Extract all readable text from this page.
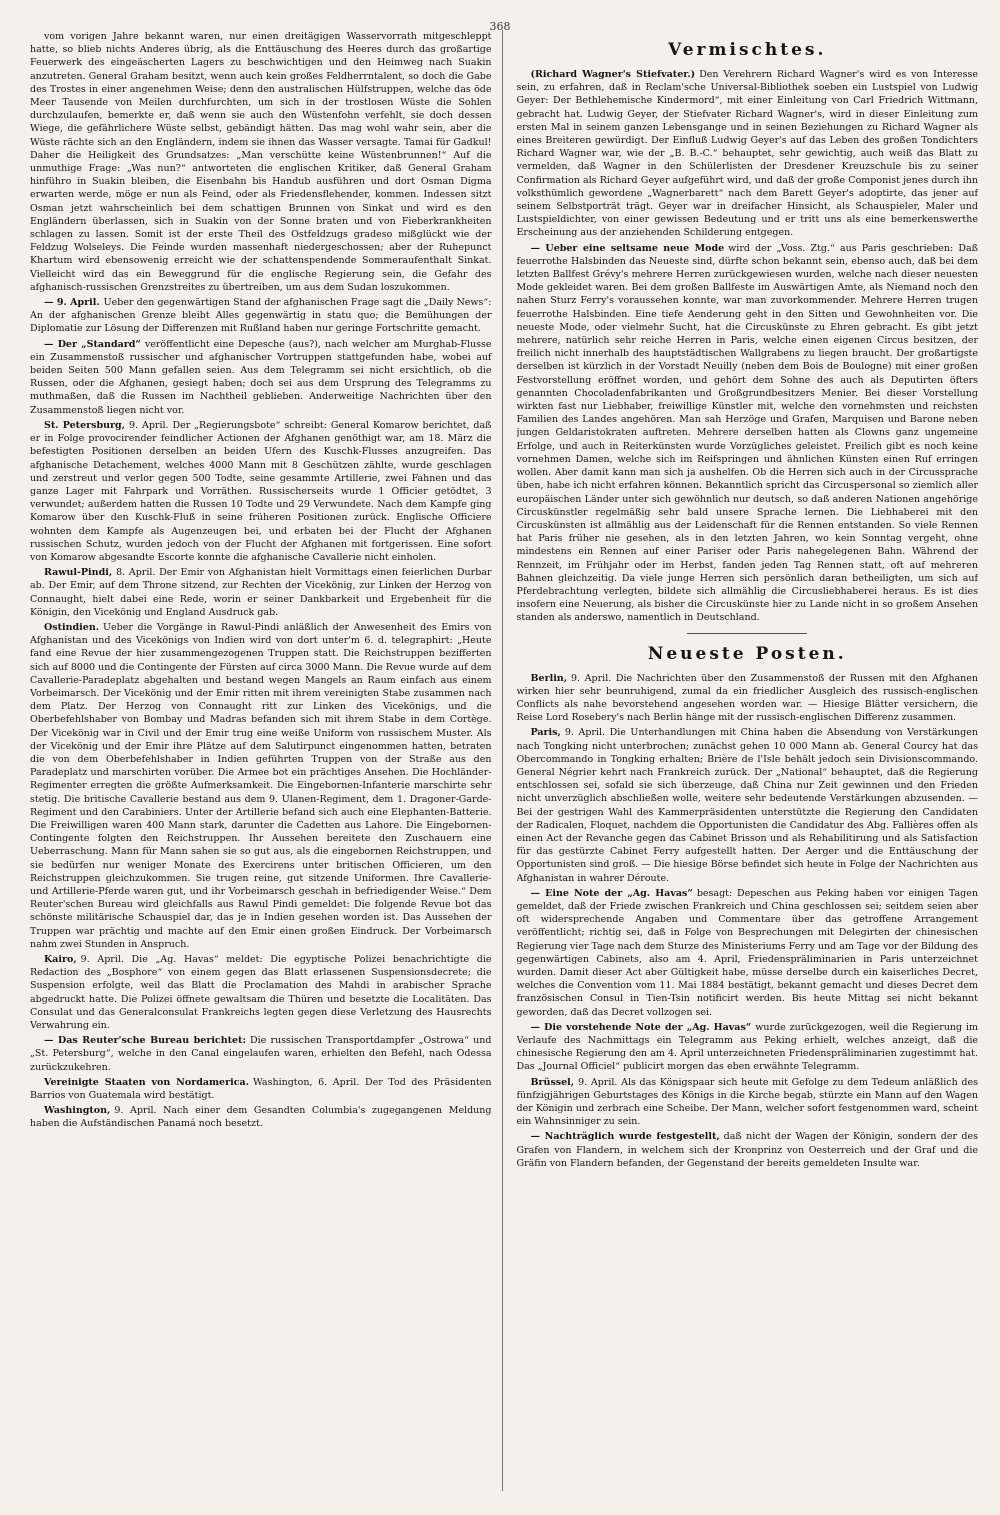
368

vom vorigen Jahre bekannt waren, nur einen dreitägigen Wasservorrath mitgeschleppt hatte, so blieb nichts Anderes übrig, als die Enttäuschung des Heeres durch das großartige Feuerwerk des eingeäscherten Lagers zu beschwichtigen und den Heimweg nach Suakin anzutreten. General Graham besitzt, wenn auch kein großes Feldherrntalent, so doch die Gabe des Trostes in einer angenehmen Weise; denn den australischen Hülfstruppen, welche das öde Meer Tausende von Meilen durchfurchten, um sich in der trostlosen Wüste die Sohlen durchzulaufen, bemerkte er, daß wenn sie auch den Wüstenfohn verfehlt, sie doch dessen Wiege, die gefährlichere Wüste selbst, gebändigt hätten. Das mag wohl wahr sein, aber die Wüste rächte sich an den Engländern, indem sie ihnen das Wasser versagte. Tamai für Gadkul! Daher die Heiligkeit des Grundsatzes: „Man verschütte keine Wüstenbrunnen!“ Auf die unmuthige Frage: „Was nun?“ antworteten die englischen Kritiker, daß General Graham hinführo in Suakin bleiben, die Eisenbahn bis Handub ausführen und dort Osman Digma erwarten werde, möge er nun als Feind, oder als Friedensflehender, kommen. Indessen sitzt Osman jetzt wahrscheinlich bei dem schattigen Brunnen von Sinkat und wird es den Engländern überlassen, sich in Suakin von der Sonne braten und von Fieberkrankheiten schlagen zu lassen. Somit ist der erste Theil des Ostfeldzugs gradeso mißglückt wie der Feldzug Wolseleys. Die Feinde wurden massenhaft niedergeschossen; aber der Ruhepunct Khartum wird ebensowenig erreicht wie der schattenspendende Sommeraufenthalt Sinkat. Vielleicht wird das ein Beweggrund für die englische Regierung sein, die Gefahr des afghanisch-russischen Grenzstreites zu übertreiben, um aus dem Sudan loszukommen.

— 9. April. Ueber den gegenwärtigen Stand der afghanischen Frage sagt die „Daily News“: An der afghanischen Grenze bleibt Alles gegenwärtig in statu quo; die Bemühungen der Diplomatie zur Lösung der Differenzen mit Rußland haben nur geringe Fortschritte gemacht.

— Der „Standard“ veröffentlicht eine Depesche (aus?), nach welcher am Murghab-Flusse ein Zusammenstoß russischer und afghanischer Vortruppen stattgefunden habe, wobei auf beiden Seiten 500 Mann gefallen seien. Aus dem Telegramm sei nicht ersichtlich, ob die Russen, oder die Afghanen, gesiegt haben; doch sei aus dem Ursprung des Telegramms zu muthmaßen, daß die Russen im Nachtheil geblieben. Anderweitige Nachrichten über den Zusammenstoß liegen nicht vor.

St. Petersburg, 9. April. Der „Regierungsbote“ schreibt: General Komarow berichtet, daß er in Folge provocirender feindlicher Actionen der Afghanen genöthigt war, am 18. März die befestigten Positionen derselben an beiden Ufern des Kuschk-Flusses anzugreifen. Das afghanische Detachement, welches 4000 Mann mit 8 Geschützen zählte, wurde geschlagen und zerstreut und verlor gegen 500 Todte, seine gesammte Artillerie, zwei Fahnen und das ganze Lager mit Fahrpark und Vorräthen. Russischerseits wurde 1 Officier getödtet, 3 verwundet; außerdem hatten die Russen 10 Todte und 29 Verwundete. Nach dem Kampfe ging Komarow über den Kuschk-Fluß in seine früheren Positionen zurück. Englische Officiere wohnten dem Kampfe als Augenzeugen bei, und erbaten bei der Flucht der Afghanen russischen Schutz, wurden jedoch von der Flucht der Afghanen mit fortgerissen. Eine sofort von Komarow abgesandte Escorte konnte die afghanische Cavallerie nicht einholen.

Rawul-Pindi, 8. April. Der Emir von Afghanistan hielt Vormittags einen feierlichen Durbar ab. Der Emir, auf dem Throne sitzend, zur Rechten der Vicekönig, zur Linken der Herzog von Connaught, hielt dabei eine Rede, worin er seiner Dankbarkeit und Ergebenheit für die Königin, den Vicekönig und England Ausdruck gab.

Ostindien. Ueber die Vorgänge in Rawul-Pindi anläßlich der Anwesenheit des Emirs von Afghanistan und des Vicekönigs von Indien wird von dort unter'm 6. d. telegraphirt: „Heute fand eine Revue der hier zusammengezogenen Truppen statt. Die Reichstruppen bezifferten sich auf 8000 und die Contingente der Fürsten auf circa 3000 Mann. Die Revue wurde auf dem Cavallerie-Paradeplatz abgehalten und bestand wegen Mangels an Raum einfach aus einem Vorbeimarsch. Der Vicekönig und der Emir ritten mit ihrem vereinigten Stabe zusammen nach dem Platz. Der Herzog von Connaught ritt zur Linken des Vicekönigs, und die Oberbefehlshaber von Bombay und Madras befanden sich mit ihrem Stabe in dem Cortège. Der Vicekönig war in Civil und der Emir trug eine weiße Uniform von russischem Muster. Als der Vicekönig und der Emir ihre Plätze auf dem Salutirpunct eingenommen hatten, betraten die von dem Oberbefehlshaber in Indien geführten Truppen von der Straße aus den Paradeplatz und marschirten vorüber. Die Armee bot ein prächtiges Ansehen. Die Hochländer-Regimenter erregten die größte Aufmerksamkeit. Die Eingebornen-Infanterie marschirte sehr stetig. Die britische Cavallerie bestand aus dem 9. Ulanen-Regiment, dem 1. Dragoner-Garde-Regiment und den Carabiniers. Unter der Artillerie befand sich auch eine Elephanten-Batterie. Die Freiwilligen waren 400 Mann stark, darunter die Cadetten aus Lahore. Die Eingebornen-Contingente folgten den Reichstruppen. Ihr Aussehen bereitete den Zuschauern eine Ueberraschung. Mann für Mann sahen sie so gut aus, als die eingebornen Reichstruppen, und sie bedürfen nur weniger Monate des Exercirens unter britischen Officieren, um den Reichstruppen gleichzukommen. Sie trugen reine, gut sitzende Uniformen. Ihre Cavallerie- und Artillerie-Pferde waren gut, und ihr Vorbeimarsch geschah in befriedigender Weise.“ Dem Reuter'schen Bureau wird gleichfalls aus Rawul Pindi gemeldet: Die folgende Revue bot das schönste militärische Schauspiel dar, das je in Indien gesehen worden ist. Das Aussehen der Truppen war prächtig und machte auf den Emir einen großen Eindruck. Der Vorbeimarsch nahm zwei Stunden in Anspruch.

Kairo, 9. April. Die „Ag. Havas“ meldet: Die egyptische Polizei benachrichtigte die Redaction des „Bosphore“ von einem gegen das Blatt erlassenen Suspensionsdecrete; die Suspension erfolgte, weil das Blatt die Proclamation des Mahdi in arabischer Sprache abgedruckt hatte. Die Polizei öffnete gewaltsam die Thüren und besetzte die Localitäten. Das Consulat und das Generalconsulat Frankreichs legten gegen diese Verletzung des Hausrechts Verwahrung ein.

— Das Reuter'sche Bureau berichtet: Die russischen Transportdampfer „Ostrowa“ und „St. Petersburg“, welche in den Canal eingelaufen waren, erhielten den Befehl, nach Odessa zurückzukehren.

Vereinigte Staaten von Nordamerica. Washington, 6. April. Der Tod des Präsidenten Barrios von Guatemala wird bestätigt.

Washington, 9. April. Nach einer dem Gesandten Columbia's zugegangenen Meldung haben die Aufständischen Panamá noch besetzt.

Vermischtes.

(Richard Wagner's Stiefvater.) Den Verehrern Richard Wagner's wird es von Interesse sein, zu erfahren, daß in Reclam'sche Universal-Bibliothek soeben ein Lustspiel von Ludwig Geyer: Der Bethlehemische Kindermord“, mit einer Einleitung von Carl Friedrich Wittmann, gebracht hat. Ludwig Geyer, der Stiefvater Richard Wagner's, wird in dieser Einleitung zum ersten Mal in seinem ganzen Lebensgange und in seinen Beziehungen zu Richard Wagner als eines Breiteren gewürdigt. Der Einfluß Ludwig Geyer's auf das Leben des großen Tondichters Richard Wagner war, wie der „B. B.-C.“ behauptet, sehr gewichtig, auch weiß das Blatt zu vermelden, daß Wagner in den Schülerlisten der Dresdener Kreuzschule bis zu seiner Confirmation als Richard Geyer aufgeführt wird, und daß der große Componist jenes durch ihn volksthümlich gewordene „Wagnerbarett“ nach dem Barett Geyer's adoptirte, das jener auf seinem Selbstporträt trägt. Geyer war in dreifacher Hinsicht, als Schauspieler, Maler und Lustspieldichter, von einer gewissen Bedeutung und er tritt uns als eine bemerkenswerthe Erscheinung aus der anziehenden Schilderung entgegen.

— Ueber eine seltsame neue Mode wird der „Voss. Ztg.“ aus Paris geschrieben: Daß feuerrothe Halsbinden das Neueste sind, dürfte schon bekannt sein, ebenso auch, daß bei dem letzten Ballfest Grévy's mehrere Herren zurückgewiesen wurden, welche nach dieser neuesten Mode gekleidet waren. Bei dem großen Ballfeste im Auswärtigen Amte, als Niemand noch den nahen Sturz Ferry's voraussehen konnte, war man zuvorkommender. Mehrere Herren trugen feuerrothe Halsbinden. Eine tiefe Aenderung geht in den Sitten und Gewohnheiten vor. Die neueste Mode, oder vielmehr Sucht, hat die Circuskünste zu Ehren gebracht. Es gibt jetzt mehrere, natürlich sehr reiche Herren in Paris, welche einen eigenen Circus besitzen, der freilich nicht innerhalb des hauptstädtischen Wallgrabens zu liegen braucht. Der großartigste derselben ist kürzlich in der Vorstadt Neuilly (neben dem Bois de Boulogne) mit einer großen Festvorstellung eröffnet worden, und gehört dem Sohne des auch als Deputirten öfters genannten Chocoladenfabrikanten und Großgrundbesitzers Menier. Bei dieser Vorstellung wirkten fast nur Liebhaber, freiwillige Künstler mit, welche den vornehmsten und reichsten Familien des Landes angehören. Man sah Herzöge und Grafen, Marquisen und Barone neben jungen Geldaristokraten auftreten. Mehrere derselben hatten als Clowns ganz ungemeine Erfolge, und auch in Reiterkünsten wurde Vorzügliches geleistet. Freilich gibt es noch keine vornehmen Damen, welche sich im Reifspringen und ähnlichen Künsten einen Ruf erringen wollen. Aber damit kann man sich ja aushelfen. Ob die Herren sich auch in der Circussprache üben, habe ich nicht erfahren können. Bekanntlich spricht das Circuspersonal so ziemlich aller europäischen Länder unter sich gewöhnlich nur deutsch, so daß anderen Nationen angehörige Circuskünstler regelmäßig sehr bald unsere Sprache lernen. Die Liebhaberei mit den Circuskünsten ist allmählig aus der Leidenschaft für die Rennen entstanden. So viele Rennen hat Paris früher nie gesehen, als in den letzten Jahren, wo kein Sonntag vergeht, ohne mindestens ein Rennen auf einer Pariser oder Paris nahegelegenen Bahn. Während der Rennzeit, im Frühjahr oder im Herbst, fanden jeden Tag Rennen statt, oft auf mehreren Bahnen gleichzeitig. Da viele junge Herren sich persönlich daran betheiligten, um sich auf Pferdebrachtung verlegten, bildete sich allmählig die Circusliebhaberei heraus. Es ist dies insofern eine Neuerung, als bisher die Circuskünste hier zu Lande nicht in so großem Ansehen standen als anderswo, namentlich in Deutschland.

Neueste Posten.

Berlin, 9. April. Die Nachrichten über den Zusammenstoß der Russen mit den Afghanen wirken hier sehr beunruhigend, zumal da ein friedlicher Ausgleich des russisch-englischen Conflicts als nahe bevorstehend angesehen worden war. — Hiesige Blätter versichern, die Reise Lord Rosebery's nach Berlin hänge mit der russisch-englischen Differenz zusammen.

Paris, 9. April. Die Unterhandlungen mit China haben die Absendung von Verstärkungen nach Tongking nicht unterbrochen; zunächst gehen 10 000 Mann ab. General Courcy hat das Obercommando in Tongking erhalten; Brière de l'Isle behält jedoch sein Divisionscommando. General Négrier kehrt nach Frankreich zurück. Der „National“ behauptet, daß die Regierung entschlossen sei, sofald sie sich überzeuge, daß China nur Zeit gewinnen und den Frieden nicht unverzüglich abschließen wolle, weitere sehr bedeutende Verstärkungen abzusenden. — Bei der gestrigen Wahl des Kammerpräsidenten unterstützte die Regierung den Candidaten der Radicalen, Floquet, nachdem die Opportunisten die Candidatur des Abg. Fallières offen als einen Act der Revanche gegen das Cabinet Brisson und als Rehabilitirung und als Satisfaction für das gestürzte Cabinet Ferry aufgestellt hatten. Der Aerger und die Enttäuschung der Opportunisten sind groß. — Die hiesige Börse befindet sich heute in Folge der Nachrichten aus Afghanistan in wahrer Déroute.

— Eine Note der „Ag. Havas“ besagt: Depeschen aus Peking haben vor einigen Tagen gemeldet, daß der Friede zwischen Frankreich und China geschlossen sei; seitdem seien aber oft widersprechende Angaben und Commentare über das getroffene Arrangement veröffentlicht; richtig sei, daß in Folge von Besprechungen mit Delegirten der chinesischen Regierung vier Tage nach dem Sturze des Ministeriums Ferry und am Tage vor der Bildung des gegenwärtigen Cabinets, also am 4. April, Friedenspräliminarien in Paris unterzeichnet wurden. Damit dieser Act aber Gültigkeit habe, müsse derselbe durch ein kaiserliches Decret, welches die Convention vom 11. Mai 1884 bestätigt, bekannt gemacht und dieses Decret dem französischen Consul in Tien-Tsin notificirt werden. Bis heute Mittag sei nicht bekannt geworden, daß das Decret vollzogen sei.

— Die vorstehende Note der „Ag. Havas“ wurde zurückgezogen, weil die Regierung im Verlaufe des Nachmittags ein Telegramm aus Peking erhielt, welches anzeigt, daß die chinesische Regierung den am 4. April unterzeichneten Friedenspräliminarien zugestimmt hat. Das „Journal Officiel“ publicirt morgen das eben erwähnte Telegramm.

Brüssel, 9. April. Als das Königspaar sich heute mit Gefolge zu dem Tedeum anläßlich des fünfzigjährigen Geburtstages des Königs in die Kirche begab, stürzte ein Mann auf den Wagen der Königin und zerbrach eine Scheibe. Der Mann, welcher sofort festgenommen ward, scheint ein Wahnsinniger zu sein.

— Nachträglich wurde festgestellt, daß nicht der Wagen der Königin, sondern der des Grafen von Flandern, in welchem sich der Kronprinz von Oesterreich und der Graf und die Gräfin von Flandern befanden, der Gegenstand der bereits gemeldeten Insulte war.
